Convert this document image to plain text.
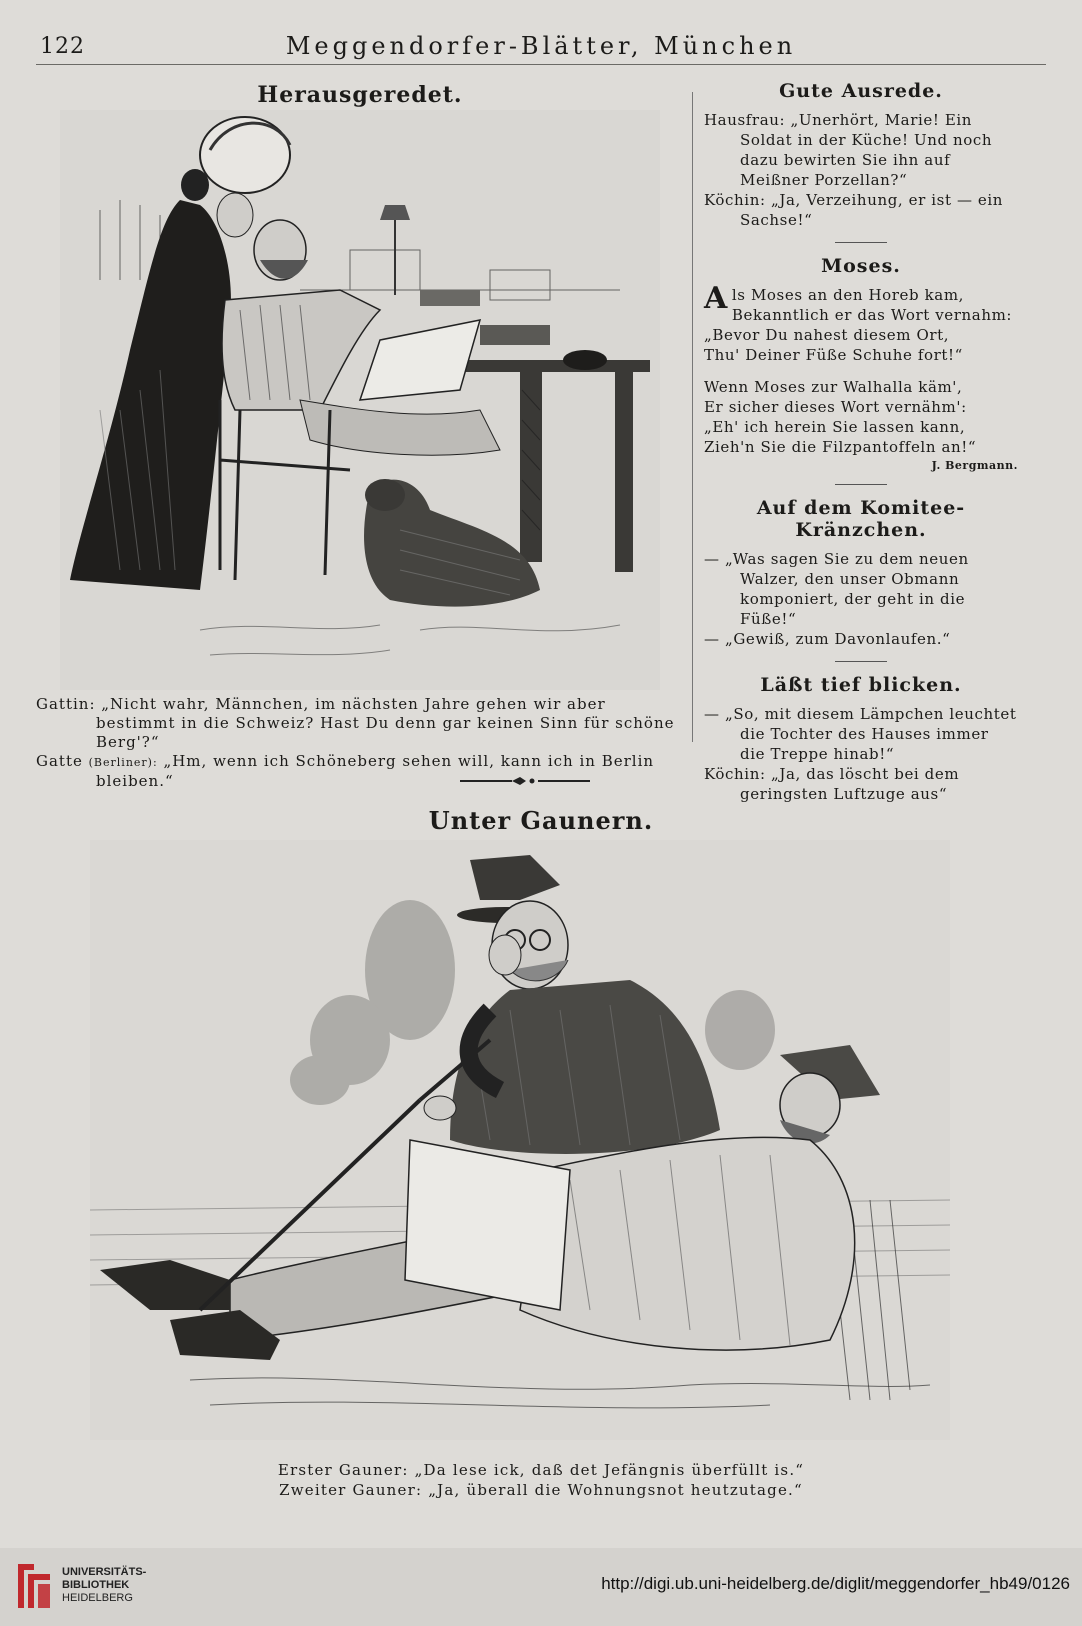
122	Meggendorfer-Blätter, München
Herausgeredet.

Gattin: „Nicht wahr, Männchen, im nächsten Jahre gehen wir aber bestimmt in die Schweiz? Hast Du denn gar keinen Sinn für schöne Berg'?“

Gatte (Berliner): „Hm, wenn ich Schöneberg sehen will, kann ich in Berlin bleiben.“

Gute Ausrede.

Hausfrau: „Unerhört, Marie! Ein Soldat in der Küche! Und noch dazu bewirten Sie ihn auf Meißner Porzellan?“

Köchin: „Ja, Verzeihung, er ist — ein Sachse!“

Moses.
A ls Moses an den Horeb kam,
Bekanntlich er das Wort vernahm:
„Bevor Du nahest diesem Ort,
Thu' Deiner Füße Schuhe fort!“
Wenn Moses zur Walhalla käm',
Er sicher dieses Wort vernähm':
„Eh' ich herein Sie lassen kann,
Zieh'n Sie die Filzpantoffeln an!“
J. Bergmann.
Auf dem Komitee-Kränzchen.

— „Was sagen Sie zu dem neuen Walzer, den unser Obmann komponiert, der geht in die Füße!“

— „Gewiß, zum Davonlaufen.“

Läßt tief blicken.

— „So, mit diesem Lämpchen leuchtet die Tochter des Hauses immer die Treppe hinab!“

Köchin: „Ja, das löscht bei dem geringsten Luftzuge aus“

Unter Gaunern.

Erster Gauner: „Da lese ick, daß det Jefängnis überfüllt is.“

Zweiter Gauner: „Ja, überall die Wohnungsnot heutzutage.“

UNIVERSITÄTS-
BIBLIOTHEK
HEIDELBERG
http://digi.ub.uni-heidelberg.de/diglit/meggendorfer_hb49/0126
